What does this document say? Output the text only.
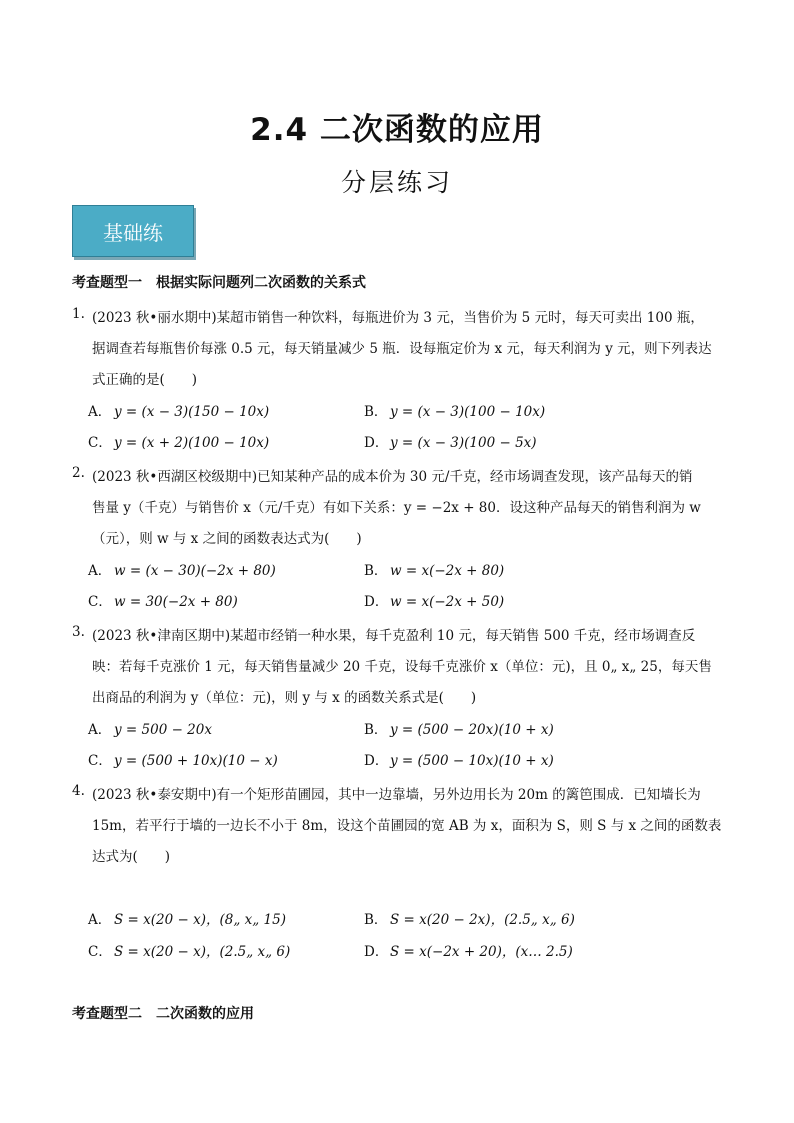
2.4 二次函数的应用
分层练习
基础练
考查题型一 根据实际问题列二次函数的关系式
1. (2023 秋•丽水期中)某超市销售一种饮料，每瓶进价为 3 元，当售价为 5 元时，每天可卖出 100 瓶，
据调查若每瓶售价每涨 0.5 元，每天销量减少 5 瓶．设每瓶定价为 x 元，每天利润为 y 元，则下列表达
式正确的是(　　)
A． y = (x − 3)(150 − 10x)	B． y = (x − 3)(100 − 10x)
C． y = (x + 2)(100 − 10x)	D． y = (x − 3)(100 − 5x)
2. (2023 秋•西湖区校级期中)已知某种产品的成本价为 30 元/千克，经市场调查发现，该产品每天的销
售量 y（千克）与销售价 x（元/千克）有如下关系：y = −2x + 80．设这种产品每天的销售利润为 w
（元），则 w 与 x 之间的函数表达式为(　　)
A． w = (x − 30)(−2x + 80)	B． w = x(−2x + 80)
C． w = 30(−2x + 80)	D． w = x(−2x + 50)
3. (2023 秋•津南区期中)某超市经销一种水果，每千克盈利 10 元，每天销售 500 千克，经市场调查反
映：若每千克涨价 1 元，每天销售量减少 20 千克，设每千克涨价 x（单位：元)，且 0„ x„ 25，每天售
出商品的利润为 y（单位：元)，则 y 与 x 的函数关系式是(　　)
A． y = 500 − 20x	B． y = (500 − 20x)(10 + x)
C． y = (500 + 10x)(10 − x)	D． y = (500 − 10x)(10 + x)
4. (2023 秋•泰安期中)有一个矩形苗圃园，其中一边靠墙，另外边用长为 20m 的篱笆围成．已知墙长为
15m，若平行于墙的一边长不小于 8m，设这个苗圃园的宽 AB 为 x，面积为 S，则 S 与 x 之间的函数表
达式为(　　)
A． S = x(20 − x)，(8„ x„ 15)	B． S = x(20 − 2x)，(2.5„ x„ 6)
C． S = x(20 − x)，(2.5„ x„ 6)	D． S = x(−2x + 20)，(x… 2.5)
考查题型二 二次函数的应用
